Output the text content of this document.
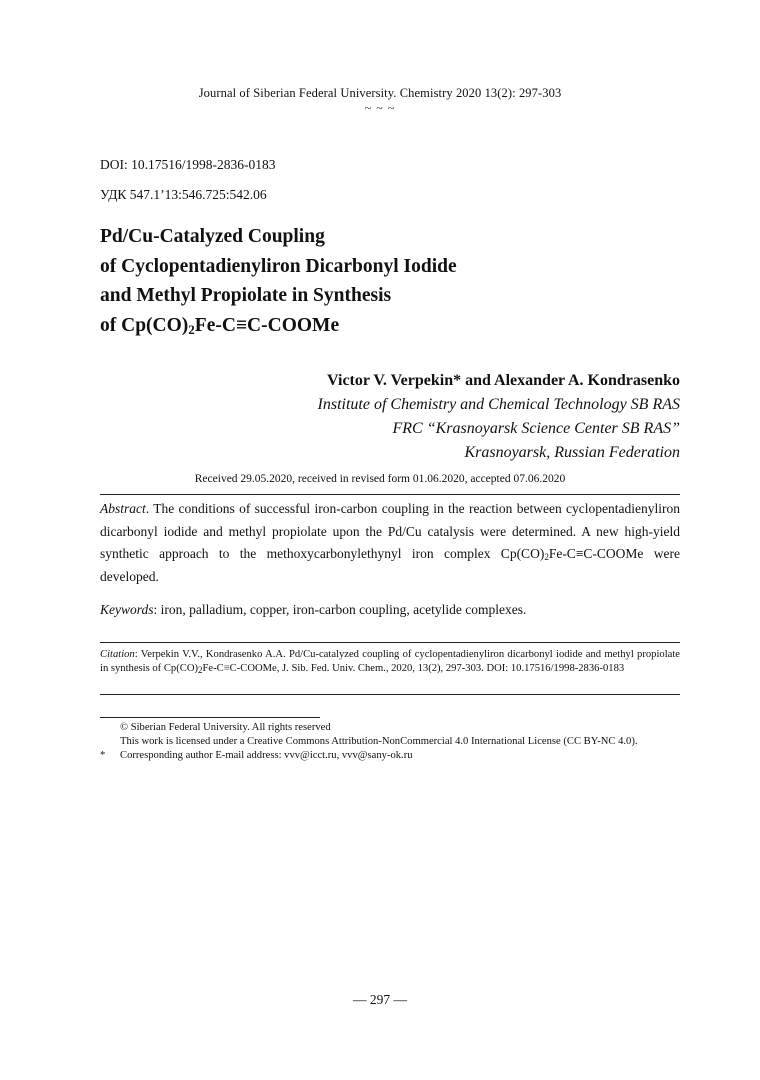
Journal of Siberian Federal University. Chemistry 2020 13(2): 297-303
~ ~ ~
DOI: 10.17516/1998-2836-0183
УДК 547.1’13:546.725:542.06
Pd/Cu-Catalyzed Coupling
of Cyclopentadienyliron Dicarbonyl Iodide
and Methyl Propiolate in Synthesis
of $Cp(CO)_2Fe-C\equiv C$-COOMe
Victor V. Verpekin* and Alexander A. Kondrasenko
Institute of Chemistry and Chemical Technology SB RAS
FRC “Krasnoyarsk Science Center SB RAS”
Krasnoyarsk, Russian Federation
Received 29.05.2020, received in revised form 01.06.2020, accepted 07.06.2020
Abstract. The conditions of successful iron-carbon coupling in the reaction between cyclopentadienyliron dicarbonyl iodide and methyl propiolate upon the Pd/Cu catalysis were determined. A new high-yield synthetic approach to the methoxycarbonylethynyl iron complex $Cp(CO)_2Fe-C\equiv C$-COOMe were developed.
Keywords: iron, palladium, copper, iron-carbon coupling, acetylide complexes.
Citation: Verpekin V.V., Kondrasenko A.A. Pd/Cu-catalyzed coupling of cyclopentadienyliron dicarbonyl iodide and methyl propiolate in synthesis of $Cp(CO)_2Fe-C\equiv C$-COOMe, J. Sib. Fed. Univ. Chem., 2020, 13(2), 297-303. DOI: 10.17516/1998-2836-0183
© Siberian Federal University. All rights reserved
This work is licensed under a Creative Commons Attribution-NonCommercial 4.0 International License (CC BY-NC 4.0).
* Corresponding author E-mail address: vvv@icct.ru, vvv@sany-ok.ru
— 297 —
